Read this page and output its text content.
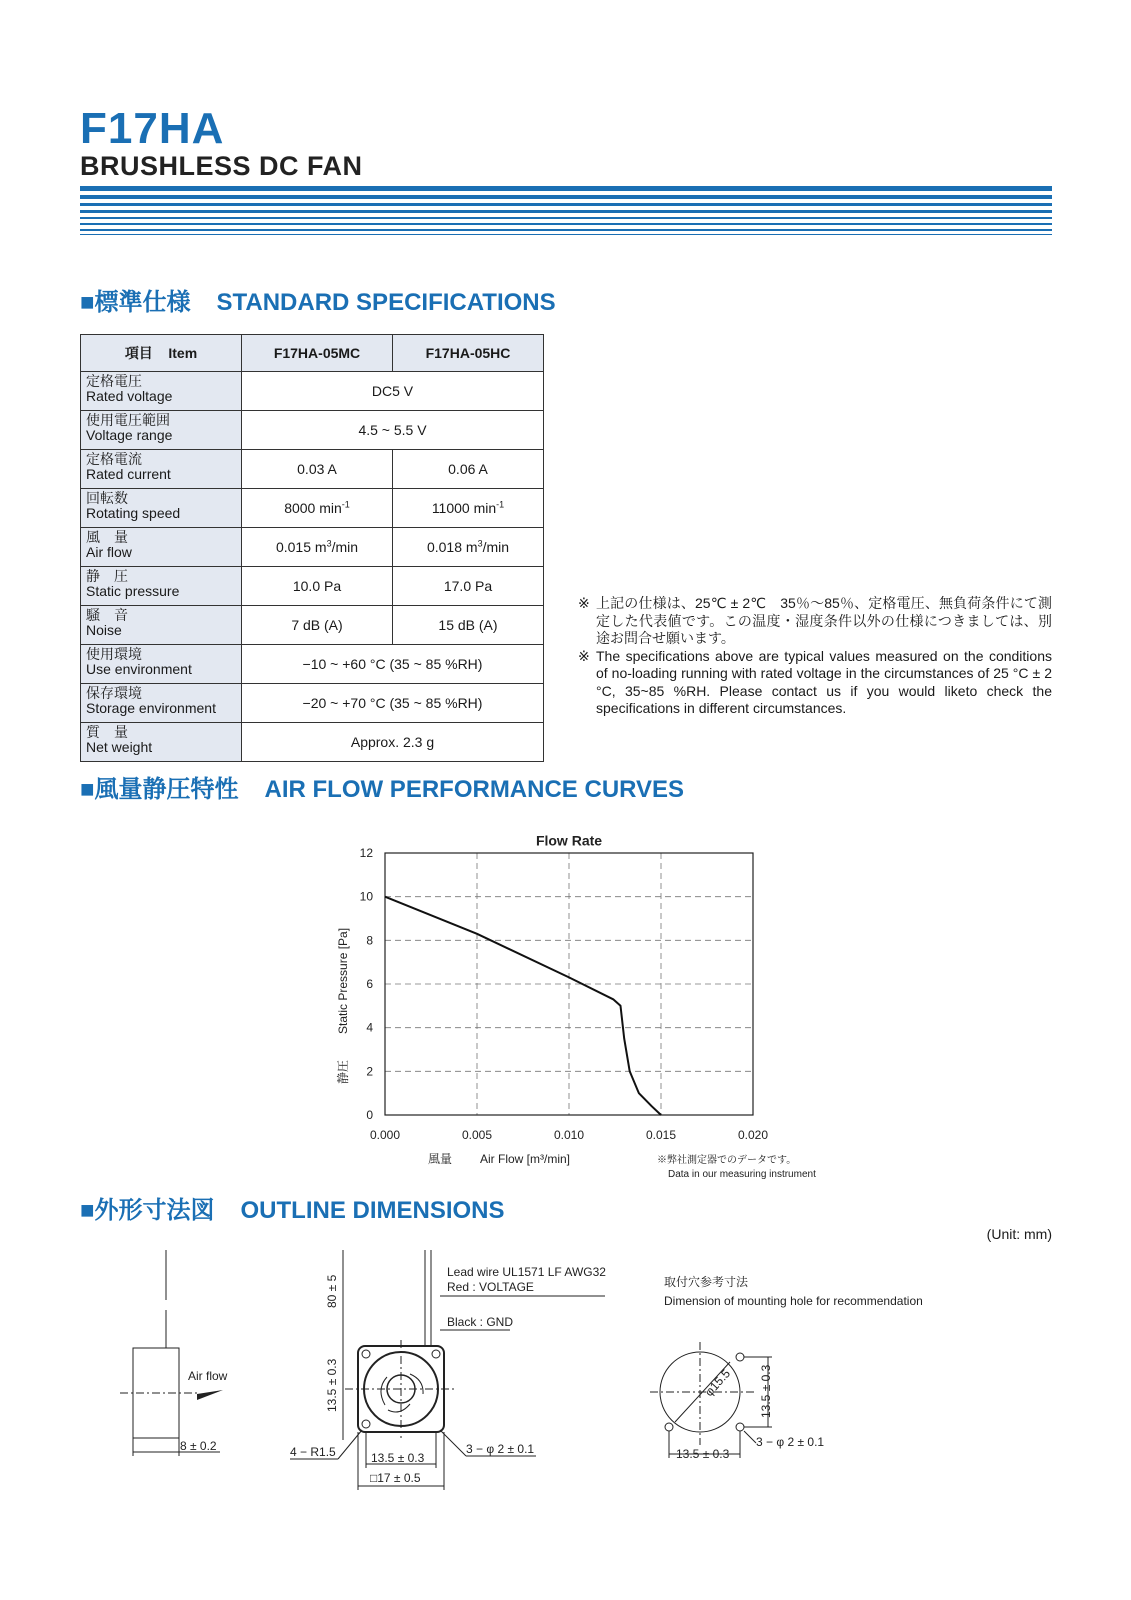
F17HA
BRUSHLESS DC FAN
■標準仕様 STANDARD SPECIFICATIONS
項目 Item	F17HA-05MC	F17HA-05HC

定格電圧
Rated voltage	DC5 V	

使用電圧範囲
Voltage range	4.5 ~ 5.5 V	

定格電流
Rated current	0.03 A	0.06 A

回転数
Rotating speed	8000 $\min^{-1}$	11000 $\min^{-1}$

風　量
Air flow	0.015 $m^3/\min$	0.018 $m^3/\min$

静　圧
Static pressure	10.0 Pa	17.0 Pa

騒　音
Noise	7 dB (A)	15 dB (A)

使用環境
Use environment	−10 ~ +60 °C (35 ~ 85 %RH)	

保存環境
Storage environment	−20 ~ +70 °C (35 ~ 85 %RH)	

質　量
Net weight	Approx. 2.3 g	
※ 上記の仕様は、25℃ ± 2℃　35％～85％、定格電圧、無負荷条件にて測定した代表値です。この温度・湿度条件以外の仕様につきましては、別途お問合せ願います。
※ The specifications above are typical values measured on the conditions of no-loading running with rated voltage in the circumstances of 25 °C ± 2 °C, 35~85 %RH. Please contact us if you would liketo check the specifications in different circumstances.
■風量静圧特性 AIR FLOW PERFORMANCE CURVES
Flow Rate
0
2
4
6
8
10
12
0.000	0.005	0.010	0.015	0.020
風量 Air Flow [m³/min]
静圧
Static Pressure [Pa]
※弊社測定器でのデータです。
Data in our measuring instrument
■外形寸法図 OUTLINE DIMENSIONS
(Unit: mm)
Air flow
8 ± 0.2
80 ± 5
13.5 ± 0.3
Lead wire UL1571 LF AWG32
Red : VOLTAGE
Black : GND
13.5 ± 0.3
□17 ± 0.5
4 − R1.5	3 − φ 2 ± 0.1
取付穴参考寸法
Dimension of mounting hole for recommendation
φ15.5
13.5 ± 0.3
13.5 ± 0.3
3 − φ 2 ± 0.1
